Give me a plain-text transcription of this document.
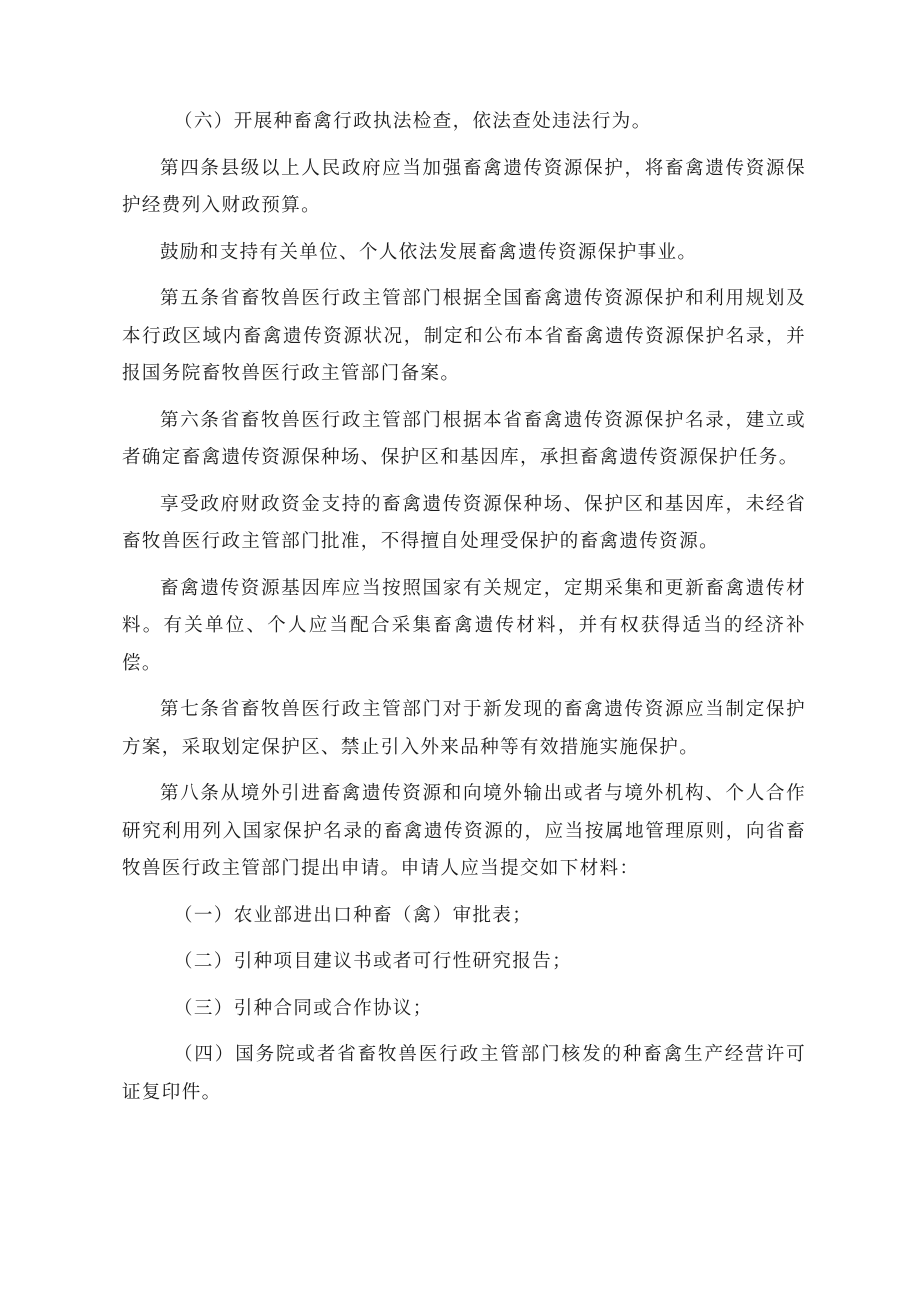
（六）开展种畜禽行政执法检查，依法查处违法行为。

第四条县级以上人民政府应当加强畜禽遗传资源保护，将畜禽遗传资源保护经费列入财政预算。

鼓励和支持有关单位、个人依法发展畜禽遗传资源保护事业。

第五条省畜牧兽医行政主管部门根据全国畜禽遗传资源保护和利用规划及本行政区域内畜禽遗传资源状况，制定和公布本省畜禽遗传资源保护名录，并报国务院畜牧兽医行政主管部门备案。

第六条省畜牧兽医行政主管部门根据本省畜禽遗传资源保护名录，建立或者确定畜禽遗传资源保种场、保护区和基因库，承担畜禽遗传资源保护任务。

享受政府财政资金支持的畜禽遗传资源保种场、保护区和基因库，未经省畜牧兽医行政主管部门批准，不得擅自处理受保护的畜禽遗传资源。

畜禽遗传资源基因库应当按照国家有关规定，定期采集和更新畜禽遗传材料。有关单位、个人应当配合采集畜禽遗传材料，并有权获得适当的经济补偿。

第七条省畜牧兽医行政主管部门对于新发现的畜禽遗传资源应当制定保护方案，采取划定保护区、禁止引入外来品种等有效措施实施保护。

第八条从境外引进畜禽遗传资源和向境外输出或者与境外机构、个人合作研究利用列入国家保护名录的畜禽遗传资源的，应当按属地管理原则，向省畜牧兽医行政主管部门提出申请。申请人应当提交如下材料：

（一）农业部进出口种畜（禽）审批表；

（二）引种项目建议书或者可行性研究报告；

（三）引种合同或合作协议；

（四）国务院或者省畜牧兽医行政主管部门核发的种畜禽生产经营许可证复印件。
